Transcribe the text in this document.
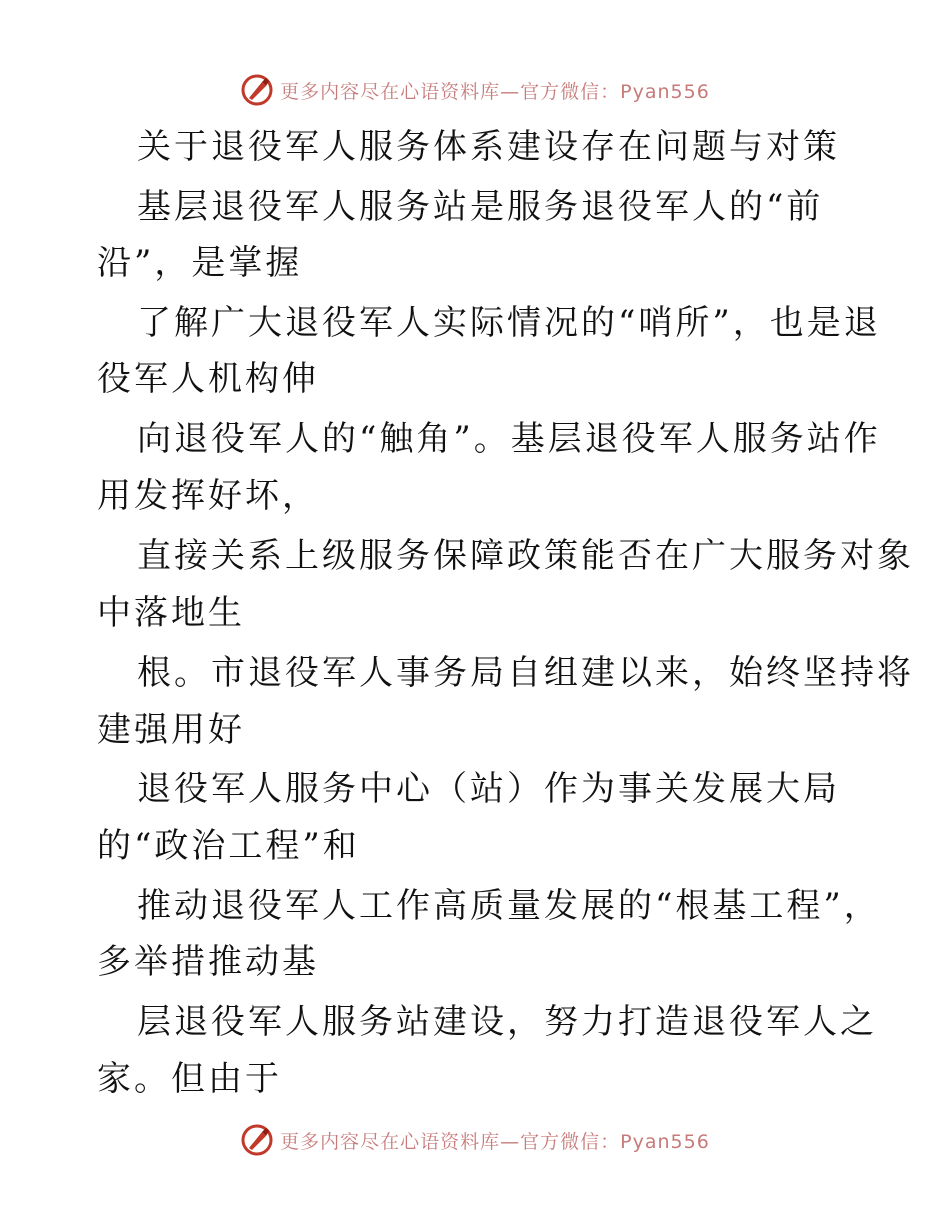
更多内容尽在心语资料库—官方微信：Pyan556
关于退役军人服务体系建设存在问题与对策
基层退役军人服务站是服务退役军人的“前
沿”，是掌握
了解广大退役军人实际情况的“哨所”，也是退
役军人机构伸
向退役军人的“触角”。基层退役军人服务站作
用发挥好坏，
直接关系上级服务保障政策能否在广大服务对象
中落地生
根。市退役军人事务局自组建以来，始终坚持将
建强用好
退役军人服务中心（站）作为事关发展大局
的“政治工程”和
推动退役军人工作高质量发展的“根基工程”，
多举措推动基
层退役军人服务站建设，努力打造退役军人之
家。但由于
更多内容尽在心语资料库—官方微信：Pyan556
